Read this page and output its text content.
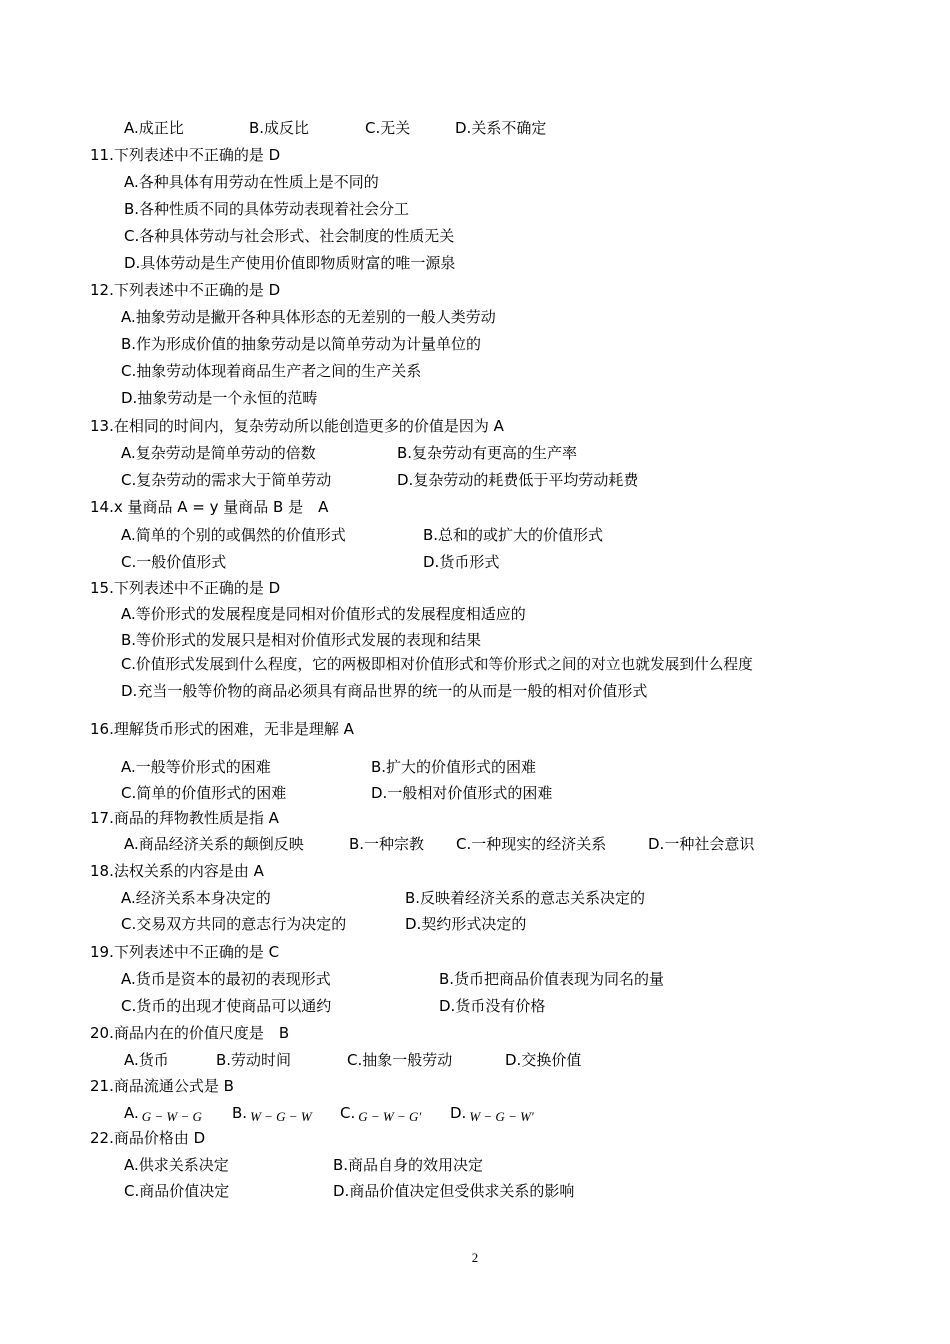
A.成正比	B.成反比	C.无关	D.关系不确定
11.下列表述中不正确的是 D
A.各种具体有用劳动在性质上是不同的
B.各种性质不同的具体劳动表现着社会分工
C.各种具体劳动与社会形式、社会制度的性质无关
D.具体劳动是生产使用价值即物质财富的唯一源泉
12.下列表述中不正确的是 D
A.抽象劳动是撇开各种具体形态的无差别的一般人类劳动
B.作为形成价值的抽象劳动是以简单劳动为计量单位的
C.抽象劳动体现着商品生产者之间的生产关系
D.抽象劳动是一个永恒的范畴
13.在相同的时间内，复杂劳动所以能创造更多的价值是因为 A
A.复杂劳动是简单劳动的倍数	B.复杂劳动有更高的生产率
C.复杂劳动的需求大于简单劳动	D.复杂劳动的耗费低于平均劳动耗费
14.x 量商品 A = y 量商品 B 是　A
A.简单的个别的或偶然的价值形式	B.总和的或扩大的价值形式
C.一般价值形式	D.货币形式
15.下列表述中不正确的是 D
A.等价形式的发展程度是同相对价值形式的发展程度相适应的
B.等价形式的发展只是相对价值形式发展的表现和结果
C.价值形式发展到什么程度，它的两极即相对价值形式和等价形式之间的对立也就发展到什么程度
D.充当一般等价物的商品必须具有商品世界的统一的从而是一般的相对价值形式
16.理解货币形式的困难，无非是理解 A
A.一般等价形式的困难	B.扩大的价值形式的困难
C.简单的价值形式的困难	D.一般相对价值形式的困难
17.商品的拜物教性质是指 A
A.商品经济关系的颠倒反映	B.一种宗教 C.一种现实的经济关系	D.一种社会意识
18.法权关系的内容是由 A
A.经济关系本身决定的	B.反映着经济关系的意志关系决定的
C.交易双方共同的意志行为决定的	D.契约形式决定的
19.下列表述中不正确的是 C
A.货币是资本的最初的表现形式	B.货币把商品价值表现为同名的量
C.货币的出现才使商品可以通约	D.货币没有价格
20.商品内在的价值尺度是　B
A.货币	B.劳动时间	C.抽象一般劳动	D.交换价值
21.商品流通公式是 B
A. G − W − G B. W − G − W C. G − W − G′ D. W − G − W′
22.商品价格由 D
A.供求关系决定	B.商品自身的效用决定
C.商品价值决定	D.商品价值决定但受供求关系的影响
2
